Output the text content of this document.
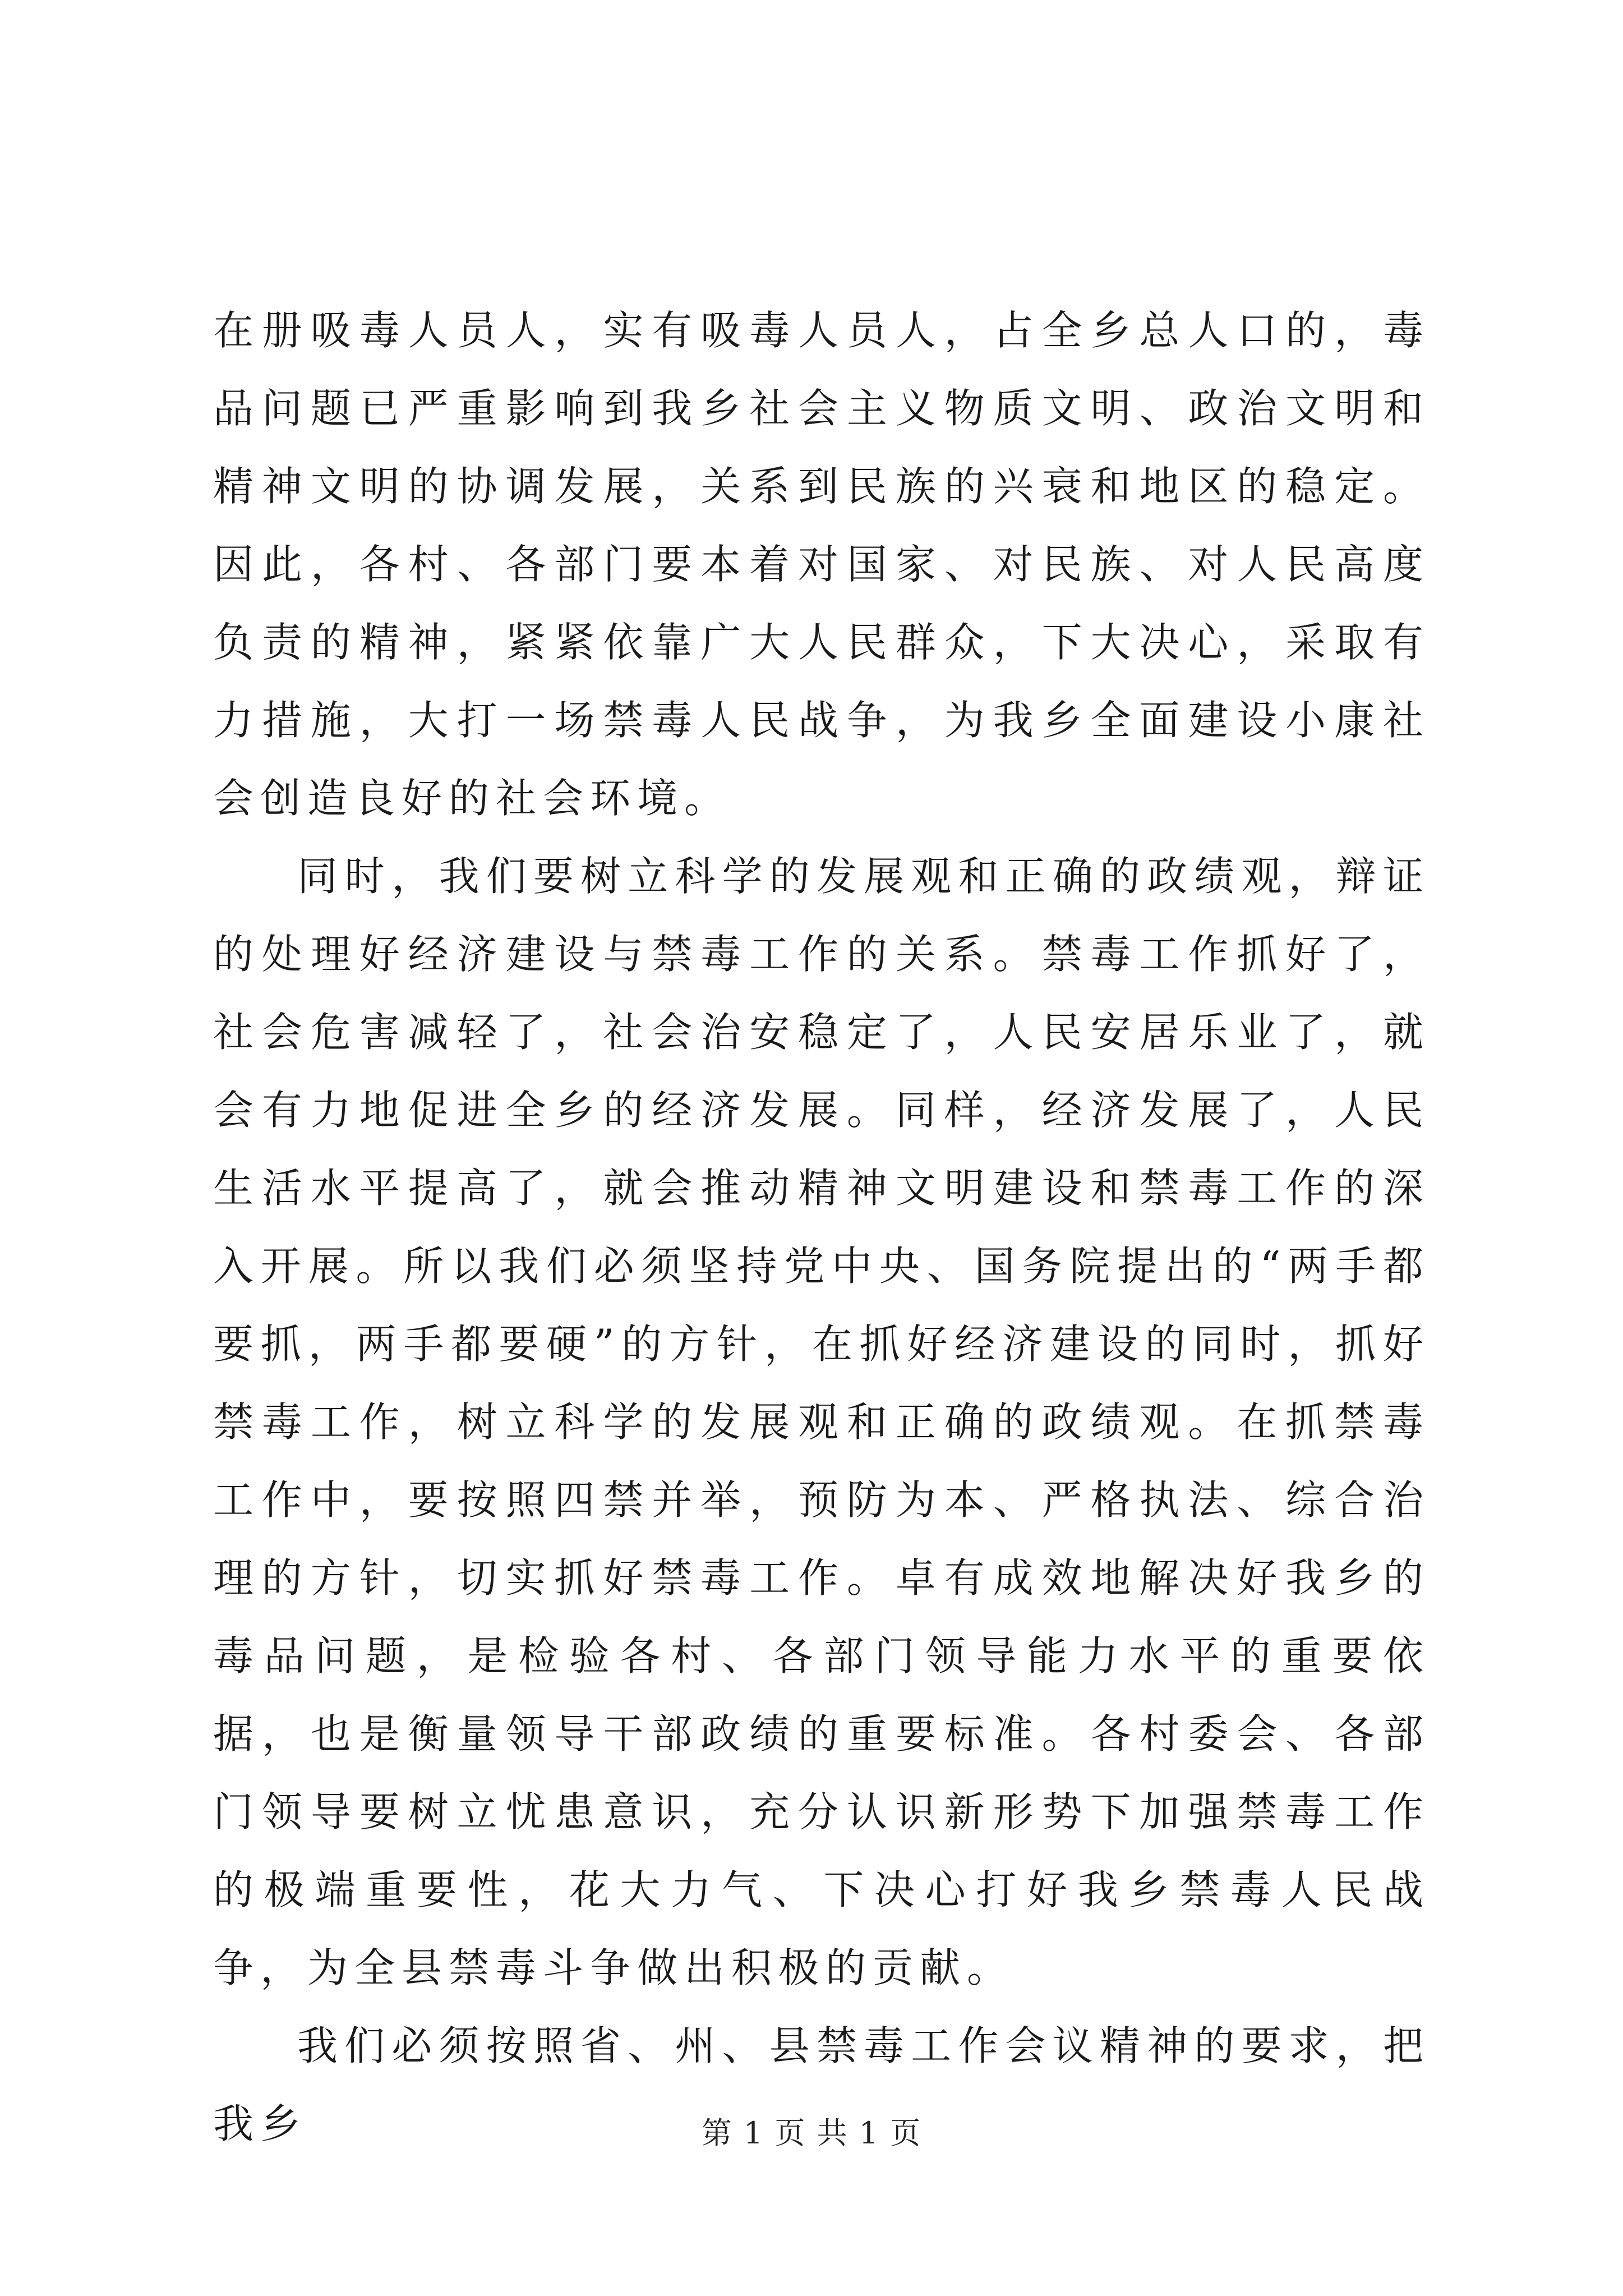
在册吸毒人员人，实有吸毒人员人，占全乡总人口的，毒品问题已严重影响到我乡社会主义物质文明、政治文明和精神文明的协调发展，关系到民族的兴衰和地区的稳定。因此，各村、各部门要本着对国家、对民族、对人民高度负责的精神，紧紧依靠广大人民群众，下大决心，采取有力措施，大打一场禁毒人民战争，为我乡全面建设小康社会创造良好的社会环境。

同时，我们要树立科学的发展观和正确的政绩观，辩证的处理好经济建设与禁毒工作的关系。禁毒工作抓好了，社会危害减轻了，社会治安稳定了，人民安居乐业了，就会有力地促进全乡的经济发展。同样，经济发展了，人民生活水平提高了，就会推动精神文明建设和禁毒工作的深入开展。所以我们必须坚持党中央、国务院提出的“两手都要抓，两手都要硬”的方针，在抓好经济建设的同时，抓好禁毒工作，树立科学的发展观和正确的政绩观。在抓禁毒工作中，要按照四禁并举，预防为本、严格执法、综合治理的方针，切实抓好禁毒工作。卓有成效地解决好我乡的毒品问题，是检验各村、各部门领导能力水平的重要依据，也是衡量领导干部政绩的重要标准。各村委会、各部门领导要树立忧患意识，充分认识新形势下加强禁毒工作的极端重要性，花大力气、下决心打好我乡禁毒人民战争，为全县禁毒斗争做出积极的贡献。

我们必须按照省、州、县禁毒工作会议精神的要求，把我乡	第 1 页 共 1 页
